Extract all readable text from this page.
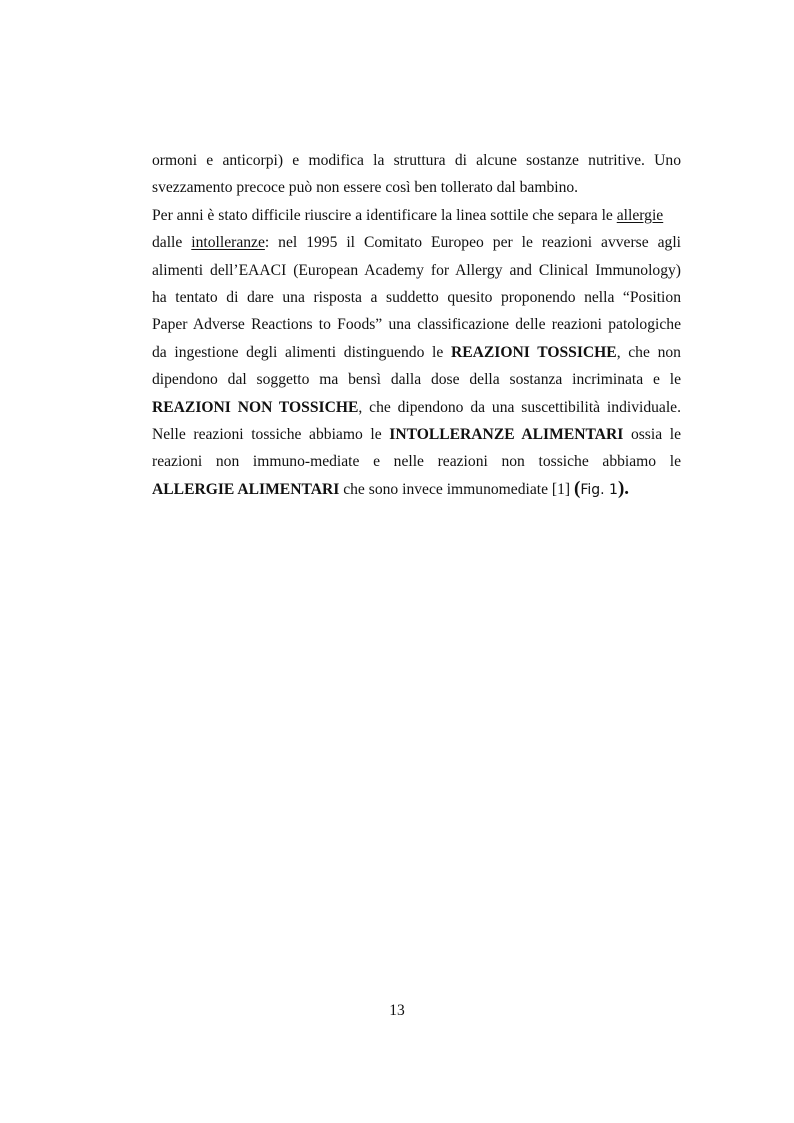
ormoni e anticorpi) e modifica la struttura di alcune sostanze nutritive. Uno
svezzamento precoce può non essere così ben tollerato dal bambino.
Per anni è stato difficile riuscire a identificare la linea sottile che separa le allergie
dalle intolleranze: nel 1995 il Comitato Europeo per le reazioni avverse agli
alimenti dell’EAACI (European Academy for Allergy and Clinical Immunology)
ha tentato di dare una risposta a suddetto quesito proponendo nella “Position
Paper Adverse Reactions to Foods” una classificazione delle reazioni patologiche
da ingestione degli alimenti distinguendo le REAZIONI TOSSICHE, che non
dipendono dal soggetto ma bensì dalla dose della sostanza incriminata e le
REAZIONI NON TOSSICHE, che dipendono da una suscettibilità individuale.
Nelle reazioni tossiche abbiamo le INTOLLERANZE ALIMENTARI ossia le
reazioni non immuno-mediate e nelle reazioni non tossiche abbiamo le
ALLERGIE ALIMENTARI che sono invece immunomediate [1] (Fig. 1).
13
